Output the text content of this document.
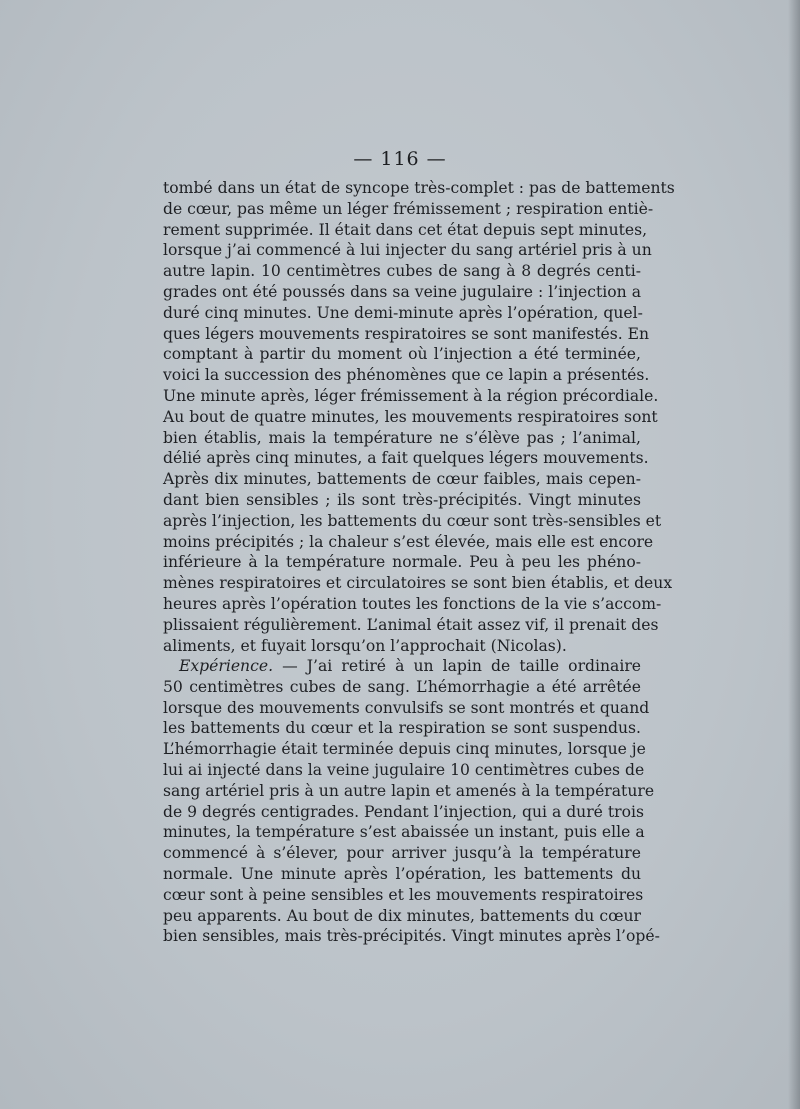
— 116 —
tombé dans un état de syncope très-complet : pas de battements
de cœur, pas même un léger frémissement ; respiration entiè-
rement supprimée. Il était dans cet état depuis sept minutes,
lorsque j’ai commencé à lui injecter du sang artériel pris à un
autre lapin. 10 centimètres cubes de sang à 8 degrés centi-
grades ont été poussés dans sa veine jugulaire : l’injection a
duré cinq minutes. Une demi-minute après l’opération, quel-
ques légers mouvements respiratoires se sont manifestés. En
comptant à partir du moment où l’injection a été terminée,
voici la succession des phénomènes que ce lapin a présentés.
Une minute après, léger frémissement à la région précordiale.
Au bout de quatre minutes, les mouvements respiratoires sont
bien établis, mais la température ne s’élève pas ; l’animal,
délié après cinq minutes, a fait quelques légers mouvements.
Après dix minutes, battements de cœur faibles, mais cepen-
dant bien sensibles ; ils sont très-précipités. Vingt minutes
après l’injection, les battements du cœur sont très-sensibles et
moins précipités ; la chaleur s’est élevée, mais elle est encore
inférieure à la température normale. Peu à peu les phéno-
mènes respiratoires et circulatoires se sont bien établis, et deux
heures après l’opération toutes les fonctions de la vie s’accom-
plissaient régulièrement. L’animal était assez vif, il prenait des
aliments, et fuyait lorsqu’on l’approchait (Nicolas).
Expérience. — J’ai retiré à un lapin de taille ordinaire
50 centimètres cubes de sang. L’hémorrhagie a été arrêtée
lorsque des mouvements convulsifs se sont montrés et quand
les battements du cœur et la respiration se sont suspendus.
L’hémorrhagie était terminée depuis cinq minutes, lorsque je
lui ai injecté dans la veine jugulaire 10 centimètres cubes de
sang artériel pris à un autre lapin et amenés à la température
de 9 degrés centigrades. Pendant l’injection, qui a duré trois
minutes, la température s’est abaissée un instant, puis elle a
commencé à s’élever, pour arriver jusqu’à la température
normale. Une minute après l’opération, les battements du
cœur sont à peine sensibles et les mouvements respiratoires
peu apparents. Au bout de dix minutes, battements du cœur
bien sensibles, mais très-précipités. Vingt minutes après l’opé-
